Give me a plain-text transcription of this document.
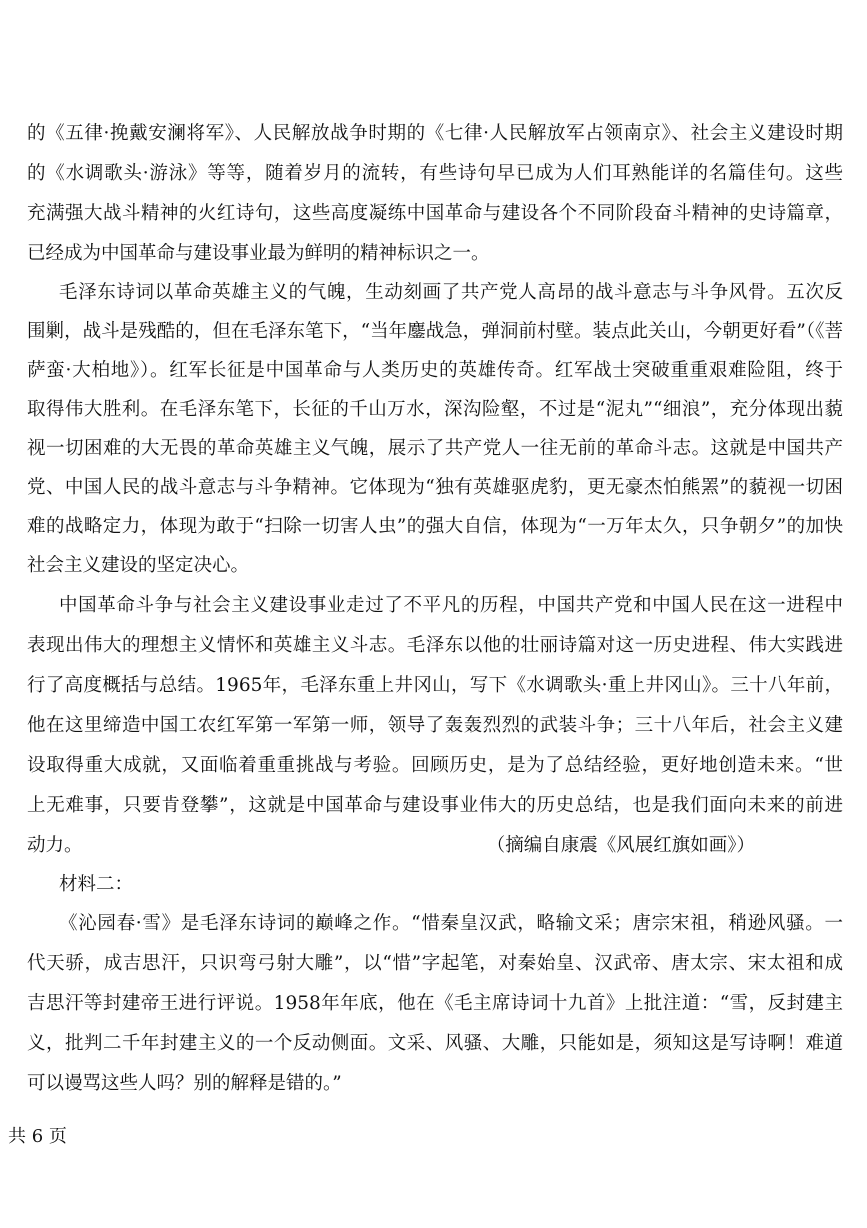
的《五律·挽戴安澜将军》、人民解放战争时期的《七律·人民解放军占领南京》、社会主义建设时期
的《水调歌头·游泳》等等，随着岁月的流转，有些诗句早已成为人们耳熟能详的名篇佳句。这些
充满强大战斗精神的火红诗句，这些高度凝练中国革命与建设各个不同阶段奋斗精神的史诗篇章，
已经成为中国革命与建设事业最为鲜明的精神标识之一。
毛泽东诗词以革命英雄主义的气魄，生动刻画了共产党人高昂的战斗意志与斗争风骨。五次反
围剿，战斗是残酷的，但在毛泽东笔下，“当年鏖战急，弹洞前村壁。装点此关山，今朝更好看”（《菩
萨蛮·大柏地》）。红军长征是中国革命与人类历史的英雄传奇。红军战士突破重重艰难险阻，终于
取得伟大胜利。在毛泽东笔下，长征的千山万水，深沟险壑，不过是“泥丸”“细浪”，充分体现出藐
视一切困难的大无畏的革命英雄主义气魄，展示了共产党人一往无前的革命斗志。这就是中国共产
党、中国人民的战斗意志与斗争精神。它体现为“独有英雄驱虎豹，更无豪杰怕熊罴”的藐视一切困
难的战略定力，体现为敢于“扫除一切害人虫”的强大自信，体现为“一万年太久，只争朝夕”的加快
社会主义建设的坚定决心。
中国革命斗争与社会主义建设事业走过了不平凡的历程，中国共产党和中国人民在这一进程中
表现出伟大的理想主义情怀和英雄主义斗志。毛泽东以他的壮丽诗篇对这一历史进程、伟大实践进
行了高度概括与总结。1965年，毛泽东重上井冈山，写下《水调歌头·重上井冈山》。三十八年前，
他在这里缔造中国工农红军第一军第一师，领导了轰轰烈烈的武装斗争；三十八年后，社会主义建
设取得重大成就，又面临着重重挑战与考验。回顾历史，是为了总结经验，更好地创造未来。“世
上无难事，只要肯登攀”，这就是中国革命与建设事业伟大的历史总结，也是我们面向未来的前进
动力。	（摘编自康震《风展红旗如画》）
材料二：
《沁园春·雪》是毛泽东诗词的巅峰之作。“惜秦皇汉武，略输文采；唐宗宋祖，稍逊风骚。一
代天骄，成吉思汗，只识弯弓射大雕”，以“惜”字起笔，对秦始皇、汉武帝、唐太宗、宋太祖和成
吉思汗等封建帝王进行评说。1958年年底，他在《毛主席诗词十九首》上批注道：“雪，反封建主
义，批判二千年封建主义的一个反动侧面。文采、风骚、大雕，只能如是，须知这是写诗啊！难道
可以谩骂这些人吗？别的解释是错的。”
共 6 页
